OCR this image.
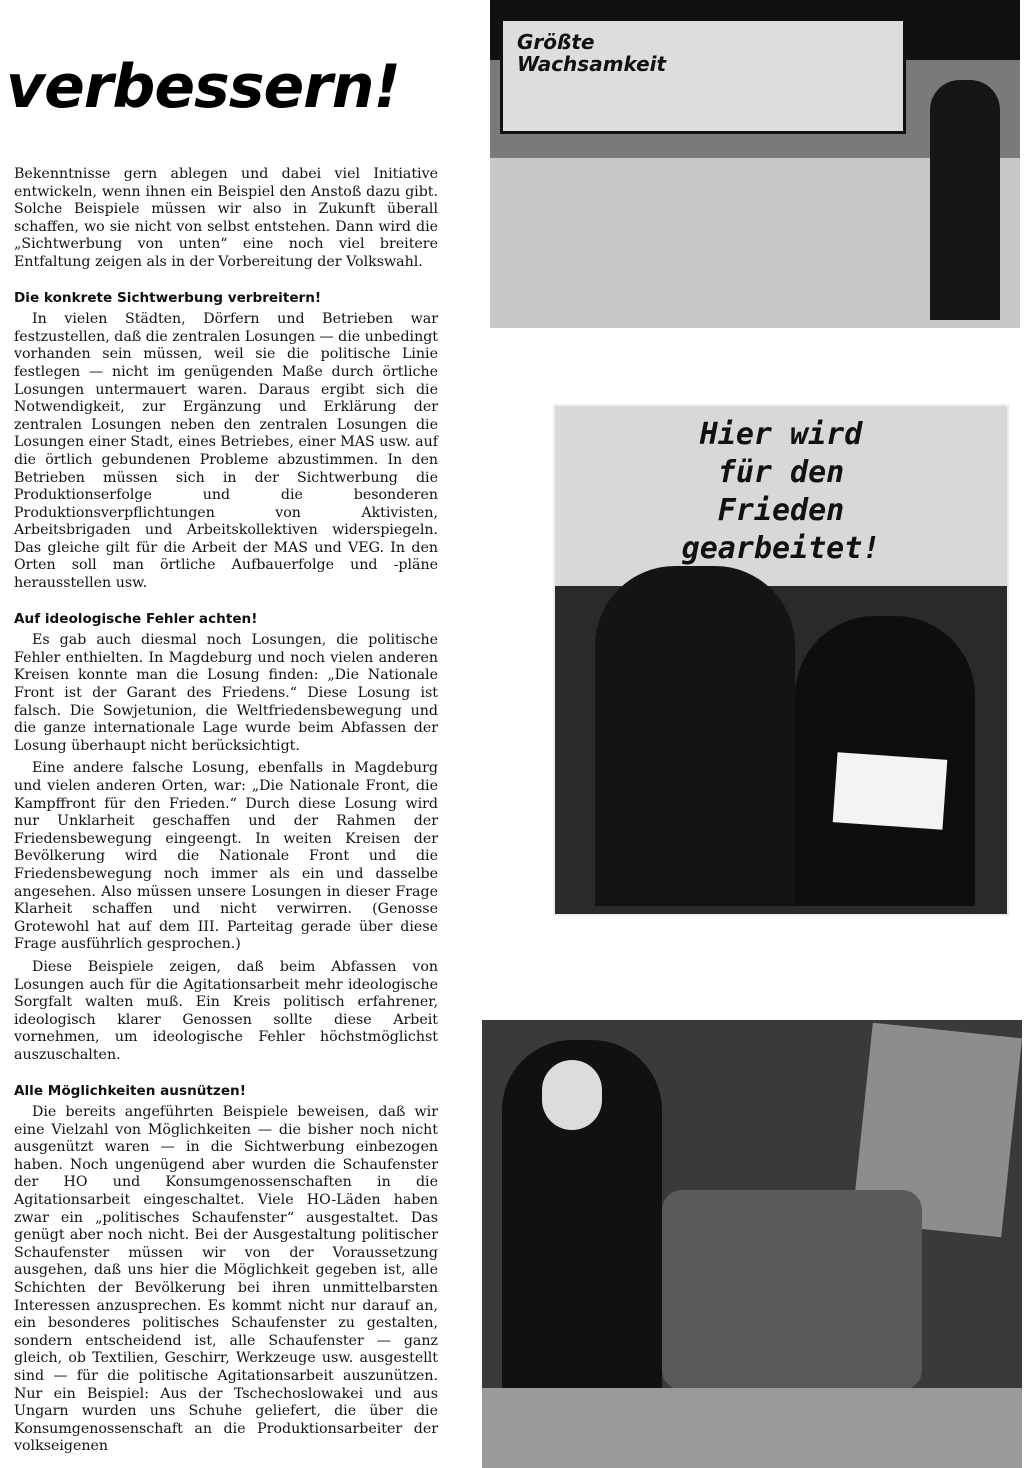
verbessern!

Bekenntnisse gern ablegen und dabei viel Initiative entwickeln, wenn ihnen ein Beispiel den Anstoß dazu gibt. Solche Beispiele müssen wir also in Zukunft überall schaffen, wo sie nicht von selbst entstehen. Dann wird die „Sichtwerbung von unten“ eine noch viel breitere Entfaltung zeigen als in der Vorbereitung der Volkswahl.

Die konkrete Sichtwerbung verbreitern!

In vielen Städten, Dörfern und Betrieben war festzustellen, daß die zentralen Losungen — die unbedingt vorhanden sein müssen, weil sie die politische Linie festlegen — nicht im genügenden Maße durch örtliche Losungen untermauert waren. Daraus ergibt sich die Notwendigkeit, zur Ergänzung und Erklärung der zentralen Losungen neben den zentralen Losungen die Losungen einer Stadt, eines Betriebes, einer MAS usw. auf die örtlich gebundenen Probleme abzustimmen. In den Betrieben müssen sich in der Sichtwerbung die Produktionserfolge und die besonderen Produktionsverpflichtungen von Aktivisten, Arbeitsbrigaden und Arbeitskollektiven widerspiegeln. Das gleiche gilt für die Arbeit der MAS und VEG. In den Orten soll man örtliche Aufbauerfolge und -pläne herausstellen usw.

Auf ideologische Fehler achten!

Es gab auch diesmal noch Losungen, die politische Fehler enthielten. In Magdeburg und noch vielen anderen Kreisen konnte man die Losung finden: „Die Nationale Front ist der Garant des Friedens.“ Diese Losung ist falsch. Die Sowjetunion, die Weltfriedensbewegung und die ganze internationale Lage wurde beim Abfassen der Losung überhaupt nicht berücksichtigt.

Eine andere falsche Losung, ebenfalls in Magdeburg und vielen anderen Orten, war: „Die Nationale Front, die Kampffront für den Frieden.“ Durch diese Losung wird nur Unklarheit geschaffen und der Rahmen der Friedensbewegung eingeengt. In weiten Kreisen der Bevölkerung wird die Nationale Front und die Friedensbewegung noch immer als ein und dasselbe angesehen. Also müssen unsere Losungen in dieser Frage Klarheit schaffen und nicht verwirren. (Genosse Grotewohl hat auf dem III. Parteitag gerade über diese Frage ausführlich gesprochen.)

Diese Beispiele zeigen, daß beim Abfassen von Losungen auch für die Agitationsarbeit mehr ideologische Sorgfalt walten muß. Ein Kreis politisch erfahrener, ideologisch klarer Genossen sollte diese Arbeit vornehmen, um ideologische Fehler höchstmöglichst auszuschalten.

Alle Möglichkeiten ausnützen!

Die bereits angeführten Beispiele beweisen, daß wir eine Vielzahl von Möglichkeiten — die bisher noch nicht ausgenützt waren — in die Sichtwerbung einbezogen haben. Noch ungenügend aber wurden die Schaufenster der HO und Konsumgenossenschaften in die Agitationsarbeit eingeschaltet. Viele HO-Läden haben zwar ein „politisches Schaufenster“ ausgestaltet. Das genügt aber noch nicht. Bei der Ausgestaltung politischer Schaufenster müssen wir von der Voraussetzung ausgehen, daß uns hier die Möglichkeit gegeben ist, alle Schichten der Bevölkerung bei ihren unmittelbarsten Interessen anzusprechen. Es kommt nicht nur darauf an, ein besonderes politisches Schaufenster zu gestalten, sondern entscheidend ist, alle Schaufenster — ganz gleich, ob Textilien, Geschirr, Werkzeuge usw. ausgestellt sind — für die politische Agitationsarbeit auszunützen. Nur ein Beispiel: Aus der Tschechoslowakei und aus Ungarn wurden uns Schuhe geliefert, die über die Konsumgenossenschaft an die Produktionsarbeiter der volkseigenen

Größte
Wachsamkeit
Hier wird
für den
Frieden
gearbeitet!
